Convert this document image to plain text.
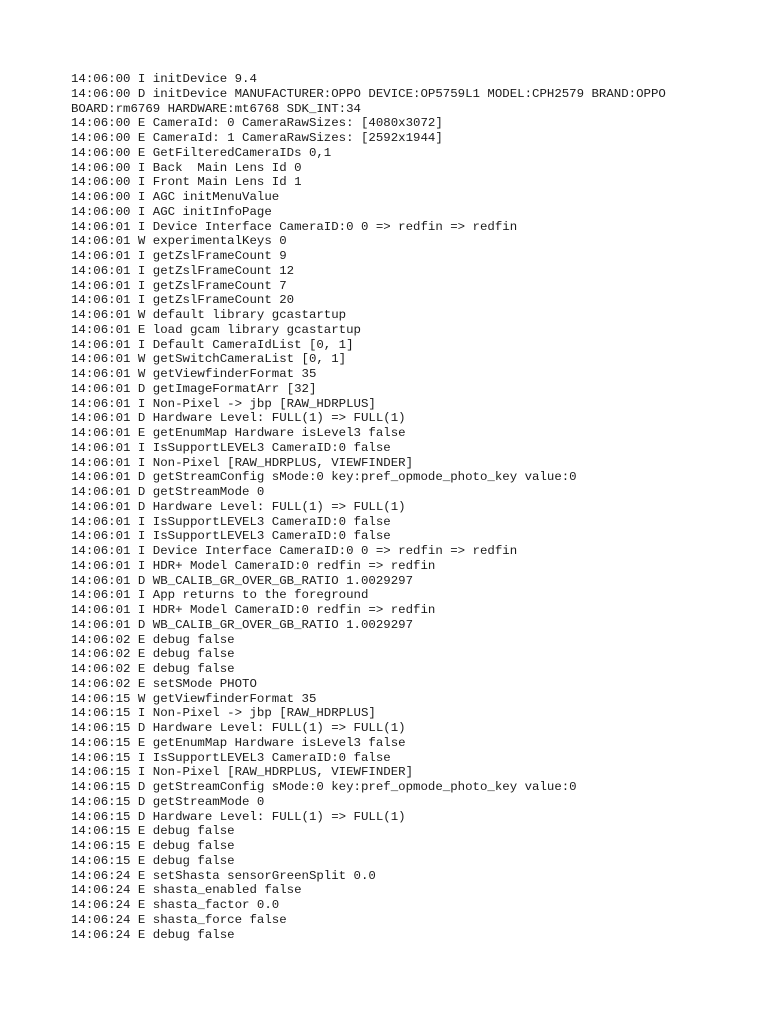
14:06:00 I initDevice 9.4
14:06:00 D initDevice MANUFACTURER:OPPO DEVICE:OP5759L1 MODEL:CPH2579 BRAND:OPPO
BOARD:rm6769 HARDWARE:mt6768 SDK_INT:34
14:06:00 E CameraId: 0 CameraRawSizes: [4080x3072]
14:06:00 E CameraId: 1 CameraRawSizes: [2592x1944]
14:06:00 E GetFilteredCameraIDs 0,1
14:06:00 I Back  Main Lens Id 0
14:06:00 I Front Main Lens Id 1
14:06:00 I AGC initMenuValue
14:06:00 I AGC initInfoPage
14:06:01 I Device Interface CameraID:0 0 => redfin => redfin
14:06:01 W experimentalKeys 0
14:06:01 I getZslFrameCount 9
14:06:01 I getZslFrameCount 12
14:06:01 I getZslFrameCount 7
14:06:01 I getZslFrameCount 20
14:06:01 W default library gcastartup
14:06:01 E load gcam library gcastartup
14:06:01 I Default CameraIdList [0, 1]
14:06:01 W getSwitchCameraList [0, 1]
14:06:01 W getViewfinderFormat 35
14:06:01 D getImageFormatArr [32]
14:06:01 I Non-Pixel -> jbp [RAW_HDRPLUS]
14:06:01 D Hardware Level: FULL(1) => FULL(1)
14:06:01 E getEnumMap Hardware isLevel3 false
14:06:01 I IsSupportLEVEL3 CameraID:0 false
14:06:01 I Non-Pixel [RAW_HDRPLUS, VIEWFINDER]
14:06:01 D getStreamConfig sMode:0 key:pref_opmode_photo_key value:0
14:06:01 D getStreamMode 0
14:06:01 D Hardware Level: FULL(1) => FULL(1)
14:06:01 I IsSupportLEVEL3 CameraID:0 false
14:06:01 I IsSupportLEVEL3 CameraID:0 false
14:06:01 I Device Interface CameraID:0 0 => redfin => redfin
14:06:01 I HDR+ Model CameraID:0 redfin => redfin
14:06:01 D WB_CALIB_GR_OVER_GB_RATIO 1.0029297
14:06:01 I App returns to the foreground
14:06:01 I HDR+ Model CameraID:0 redfin => redfin
14:06:01 D WB_CALIB_GR_OVER_GB_RATIO 1.0029297
14:06:02 E debug false
14:06:02 E debug false
14:06:02 E debug false
14:06:02 E setSMode PHOTO
14:06:15 W getViewfinderFormat 35
14:06:15 I Non-Pixel -> jbp [RAW_HDRPLUS]
14:06:15 D Hardware Level: FULL(1) => FULL(1)
14:06:15 E getEnumMap Hardware isLevel3 false
14:06:15 I IsSupportLEVEL3 CameraID:0 false
14:06:15 I Non-Pixel [RAW_HDRPLUS, VIEWFINDER]
14:06:15 D getStreamConfig sMode:0 key:pref_opmode_photo_key value:0
14:06:15 D getStreamMode 0
14:06:15 D Hardware Level: FULL(1) => FULL(1)
14:06:15 E debug false
14:06:15 E debug false
14:06:15 E debug false
14:06:24 E setShasta sensorGreenSplit 0.0
14:06:24 E shasta_enabled false
14:06:24 E shasta_factor 0.0
14:06:24 E shasta_force false
14:06:24 E debug false
